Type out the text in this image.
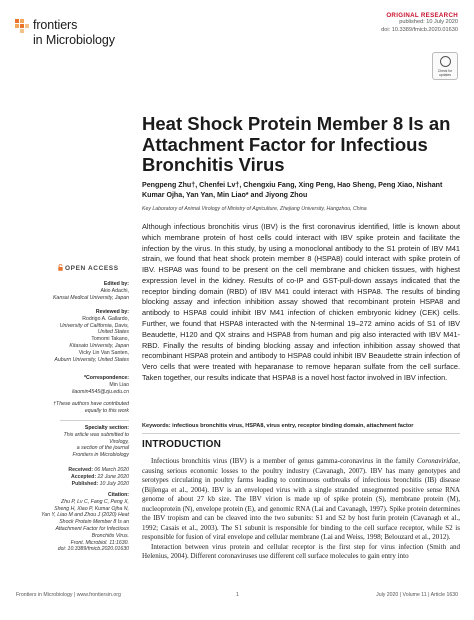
frontiers
in Microbiology
ORIGINAL RESEARCH
published: 10 July 2020
doi: 10.3389/fmicb.2020.01630
Check for updates
Heat Shock Protein Member 8 Is an Attachment Factor for Infectious Bronchitis Virus
Pengpeng Zhu†, Chenfei Lv†, Chengxiu Fang, Xing Peng, Hao Sheng, Peng Xiao, Nishant Kumar Ojha, Yan Yan, Min Liao* and Jiyong Zhou
Key Laboratory of Animal Virology of Ministry of Agriculture, Zhejiang University, Hangzhou, China
Although infectious bronchitis virus (IBV) is the first coronavirus identified, little is known about which membrane protein of host cells could interact with IBV spike protein and facilitate the infection by the virus. In this study, by using a monoclonal antibody to the S1 protein of IBV M41 strain, we found that heat shock protein member 8 (HSPA8) could interact with spike protein of IBV. HSPA8 was found to be present on the cell membrane and chicken tissues, with highest expression level in the kidney. Results of co-IP and GST-pull-down assays indicated that the receptor binding domain (RBD) of IBV M41 could interact with HSPA8. The results of binding blocking assay and infection inhibition assay showed that recombinant protein HSPA8 and antibody to HSPA8 could inhibit IBV M41 infection of chicken embryonic kidney (CEK) cells. Further, we found that HSPA8 interacted with the N-terminal 19–272 amino acids of S1 of IBV Beaudette, H120 and QX strains and HSPA8 from human and pig also interacted with IBV M41-RBD. Finally the results of binding blocking assay and infection inhibition assay showed that recombinant HSPA8 protein and antibody to HSPA8 could inhibit IBV Beaudette strain infection of Vero cells that were treated with heparanase to remove heparan sulfate from the cell surface. Taken together, our results indicate that HSPA8 is a novel host factor involved in IBV infection.
Keywords: infectious bronchitis virus, HSPA8, virus entry, receptor binding domain, attachment factor
INTRODUCTION

Infectious bronchitis virus (IBV) is a member of genus gamma-coronavirus in the family Coronaviridae, causing serious economic losses to the poultry industry (Cavanagh, 2007). IBV has many genotypes and serotypes circulating in poultry farms leading to continuous outbreaks of infectious bronchitis (IB) disease (Bijlenga et al., 2004). IBV is an enveloped virus with a single stranded unsegmented positive sense RNA genome of about 27 kb size. The IBV virion is made up of spike protein (S), membrane protein (M), nucleoprotein (N), envelope protein (E), and genomic RNA (Lai and Cavanagh, 1997). Spike protein determines the IBV tropism and can be cleaved into the two subunits: S1 and S2 by host furin protein (Cavanagh et al., 1992; Casais et al., 2003). The S1 subunit is responsible for binding to the cell surface receptor, while S2 is responsible for fusion of viral envelope and cellular membrane (Lai and Weiss, 1998; Belouzard et al., 2012).

Interaction between virus protein and cellular receptor is the first step for virus infection (Smith and Helenius, 2004). Different coronaviruses use different cell surface molecules to gain entry into

OPEN ACCESS
Edited by:
Akio Adachi,
Kansai Medical University, Japan
Reviewed by:
Rodrigo A. Gallardo,
University of California, Davis,
United States
Tomomi Takano,
Kitasato University, Japan
Vicky Lin Van Santen,
Auburn University, United States
*Correspondence:
Min Liao
liaomin4545@zju.edu.cn
†These authors have contributed
equally to this work
Specialty section:
This article was submitted to
Virology,
a section of the journal
Frontiers in Microbiology
Received: 06 March 2020
Accepted: 22 June 2020
Published: 10 July 2020
Citation:
Zhu P, Lv C, Fang C, Peng X,
Sheng H, Xiao P, Kumar Ojha N,
Yan Y, Liao M and Zhou J (2020) Heat
Shock Protein Member 8 Is an
Attachment Factor for Infectious
Bronchitis Virus.
Front. Microbiol. 11:1630.
doi: 10.3389/fmicb.2020.01630
Frontiers in Microbiology | www.frontiersin.org	1	July 2020 | Volume 11 | Article 1630
